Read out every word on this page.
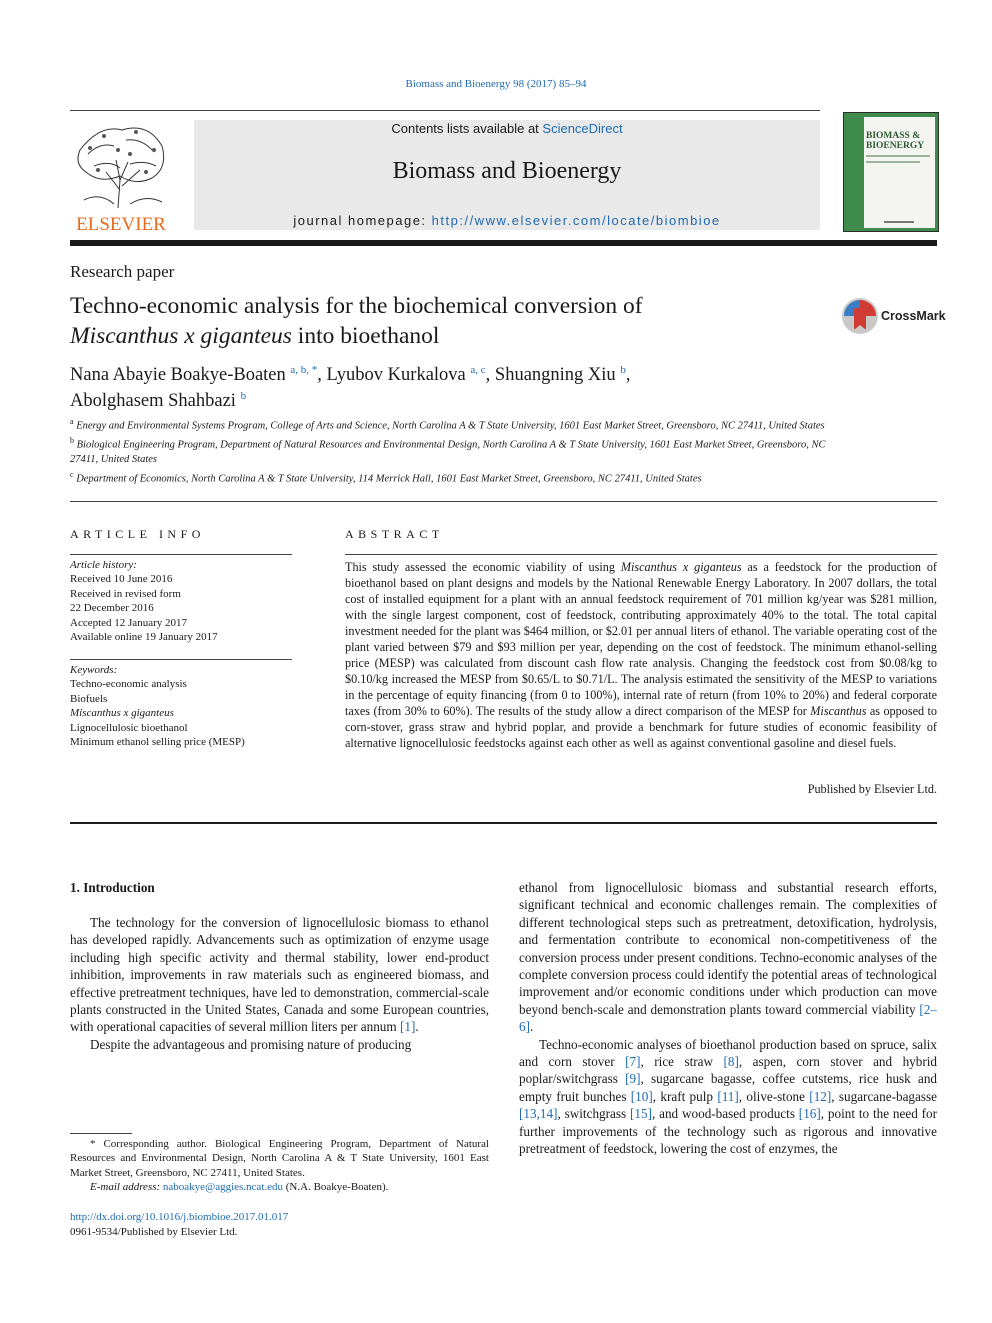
Biomass and Bioenergy 98 (2017) 85–94
ELSEVIER
Contents lists available at ScienceDirect
Biomass and Bioenergy
journal homepage: http://www.elsevier.com/locate/biombioe
BIOMASS & BIOENERGY
Research paper
Techno-economic analysis for the biochemical conversion of
Miscanthus x giganteus into bioethanol
CrossMark
Nana Abayie Boakye-Boaten $^{a, b, *}$, Lyubov Kurkalova $^{a, c}$, Shuangning Xiu $^b$,
Abolghasem Shahbazi $^b$

$^a$ Energy and Environmental Systems Program, College of Arts and Science, North Carolina A & T State University, 1601 East Market Street, Greensboro, NC 27411, United States

$^b$ Biological Engineering Program, Department of Natural Resources and Environmental Design, North Carolina A & T State University, 1601 East Market Street, Greensboro, NC 27411, United States

$^c$ Department of Economics, North Carolina A & T State University, 114 Merrick Hall, 1601 East Market Street, Greensboro, NC 27411, United States

ARTICLE INFO
Article history:
Received 10 June 2016
Received in revised form
22 December 2016
Accepted 12 January 2017
Available online 19 January 2017
Keywords:
Techno-economic analysis
Biofuels
Miscanthus x giganteus
Lignocellulosic bioethanol
Minimum ethanol selling price (MESP)
ABSTRACT

This study assessed the economic viability of using Miscanthus x giganteus as a feedstock for the production of bioethanol based on plant designs and models by the National Renewable Energy Laboratory. In 2007 dollars, the total cost of installed equipment for a plant with an annual feedstock requirement of 701 million kg/year was $281 million, with the single largest component, cost of feedstock, contributing approximately 40% to the total. The total capital investment needed for the plant was $464 million, or $2.01 per annual liters of ethanol. The variable operating cost of the plant varied between $79 and $93 million per year, depending on the cost of feedstock. The minimum ethanol-selling price (MESP) was calculated from discount cash flow rate analysis. Changing the feedstock cost from $0.08/kg to $0.10/kg increased the MESP from $0.65/L to $0.71/L. The analysis estimated the sensitivity of the MESP to variations in the percentage of equity financing (from 0 to 100%), internal rate of return (from 10% to 20%) and federal corporate taxes (from 30% to 60%). The results of the study allow a direct comparison of the MESP for Miscanthus as opposed to corn-stover, grass straw and hybrid poplar, and provide a benchmark for future studies of economic feasibility of alternative lignocellulosic feedstocks against each other as well as against conventional gasoline and diesel fuels.

Published by Elsevier Ltd.
1. Introduction

The technology for the conversion of lignocellulosic biomass to ethanol has developed rapidly. Advancements such as optimization of enzyme usage including high specific activity and thermal stability, lower end-product inhibition, improvements in raw materials such as engineered biomass, and effective pretreatment techniques, have led to demonstration, commercial-scale plants constructed in the United States, Canada and some European countries, with operational capacities of several million liters per annum [1].

Despite the advantageous and promising nature of producing

ethanol from lignocellulosic biomass and substantial research efforts, significant technical and economic challenges remain. The complexities of different technological steps such as pretreatment, detoxification, hydrolysis, and fermentation contribute to economical non-competitiveness of the conversion process under present conditions. Techno-economic analyses of the complete conversion process could identify the potential areas of technological improvement and/or economic conditions under which production can move beyond bench-scale and demonstration plants toward commercial viability [2–6].

Techno-economic analyses of bioethanol production based on spruce, salix and corn stover [7], rice straw [8], aspen, corn stover and hybrid poplar/switchgrass [9], sugarcane bagasse, coffee cutstems, rice husk and empty fruit bunches [10], kraft pulp [11], olive-stone [12], sugarcane-bagasse [13,14], switchgrass [15], and wood-based products [16], point to the need for further improvements of the technology such as rigorous and innovative pretreatment of feedstock, lowering the cost of enzymes, the

* Corresponding author. Biological Engineering Program, Department of Natural Resources and Environmental Design, North Carolina A & T State University, 1601 East Market Street, Greensboro, NC 27411, United States.

E-mail address: naboakye@aggies.ncat.edu (N.A. Boakye-Boaten).

http://dx.doi.org/10.1016/j.biombioe.2017.01.017
0961-9534/Published by Elsevier Ltd.
